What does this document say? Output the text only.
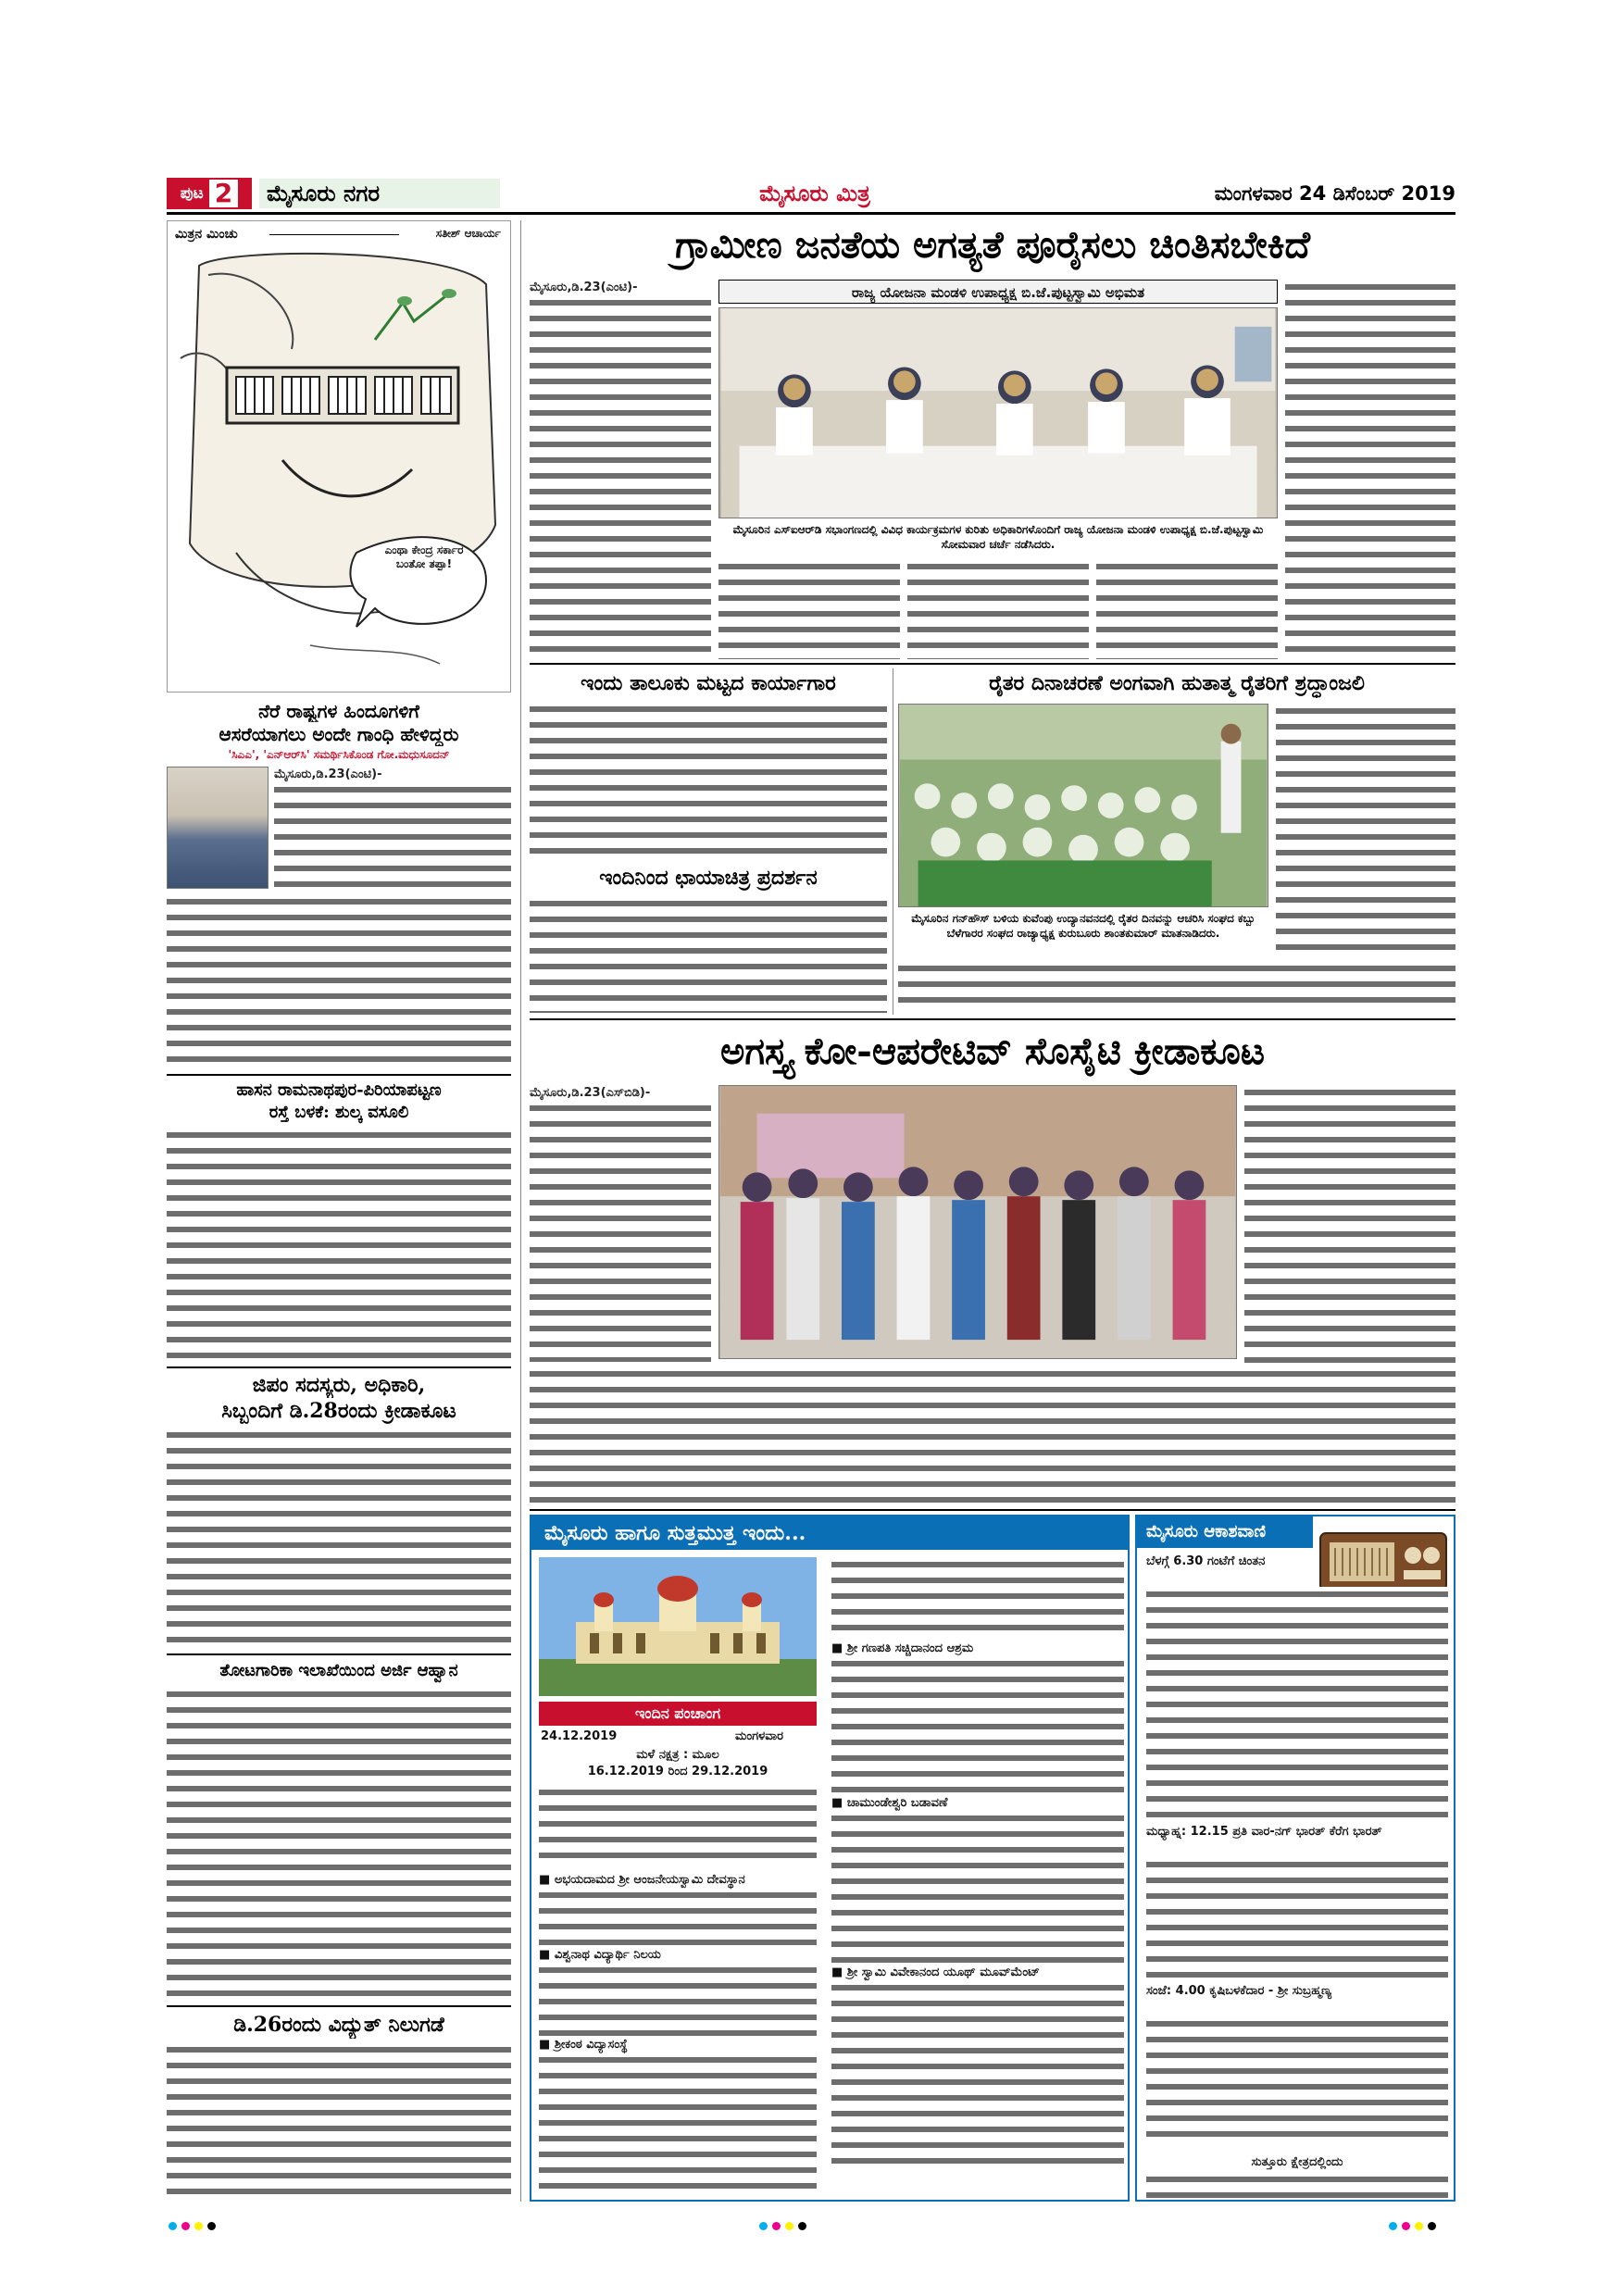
ಪುಟ 2	ಮೈಸೂರು ನಗರ	ಮೈಸೂರು ಮಿತ್ರ	ಮಂಗಳವಾರ 24 ಡಿಸೆಂಬರ್ 2019
ಮಿತ್ರನ ಮಿಂಚು	ಸತೀಶ್ ಆಚಾರ್ಯ
ಎಂಥಾ ಕೇಂದ್ರ ಸರ್ಕಾರ ಬಂತೋ ತಪ್ಪಾ!
ನೆರೆ ರಾಷ್ಟ್ರಗಳ ಹಿಂದೂಗಳಿಗೆ
ಆಸರೆಯಾಗಲು ಅಂದೇ ಗಾಂಧಿ ಹೇಳಿದ್ದರು
'ಸಿಎಎ', 'ಎನ್‌ಆರ್‌ಸಿ' ಸಮರ್ಥಿಸಿಕೊಂಡ ಗೋ.ಮಧುಸೂದನ್
ಮೈಸೂರು,ಡಿ.23(ಎಂಟಿ)-
ಹಾಸನ ರಾಮನಾಥಪುರ-ಪಿರಿಯಾಪಟ್ಟಣ
ರಸ್ತೆ ಬಳಕೆ: ಶುಲ್ಕ ವಸೂಲಿ
ಜಿಪಂ ಸದಸ್ಯರು, ಅಧಿಕಾರಿ,
ಸಿಬ್ಬಂದಿಗೆ ಡಿ.28ರಂದು ಕ್ರೀಡಾಕೂಟ
ತೋಟಗಾರಿಕಾ ಇಲಾಖೆಯಿಂದ ಅರ್ಜಿ ಆಹ್ವಾನ
ಡಿ.26ರಂದು ವಿದ್ಯುತ್ ನಿಲುಗಡೆ
ಗ್ರಾಮೀಣ ಜನತೆಯ ಅಗತ್ಯತೆ ಪೂರೈಸಲು ಚಿಂತಿಸಬೇಕಿದೆ
ಮೈಸೂರು,ಡಿ.23(ಎಂಟಿ)-	ರಾಜ್ಯ ಯೋಜನಾ ಮಂಡಳಿ ಉಪಾಧ್ಯಕ್ಷ ಬಿ.ಜೆ.ಪುಟ್ಟಸ್ವಾಮಿ ಅಭಿಮತ
ಮೈಸೂರಿನ ಎಸ್‌ಐಆರ್‌ಡಿ ಸಭಾಂಗಣದಲ್ಲಿ ವಿವಿಧ ಕಾರ್ಯಕ್ರಮಗಳ ಕುರಿತು ಅಧಿಕಾರಿಗಳೊಂದಿಗೆ ರಾಜ್ಯ ಯೋಜನಾ ಮಂಡಳಿ ಉಪಾಧ್ಯಕ್ಷ ಬಿ.ಜೆ.ಪುಟ್ಟಸ್ವಾಮಿ ಸೋಮವಾರ ಚರ್ಚೆ ನಡೆಸಿದರು.
ಇಂದು ತಾಲೂಕು ಮಟ್ಟದ ಕಾರ್ಯಾಗಾರ
ಇಂದಿನಿಂದ ಛಾಯಾಚಿತ್ರ ಪ್ರದರ್ಶನ
ರೈತರ ದಿನಾಚರಣೆ ಅಂಗವಾಗಿ ಹುತಾತ್ಮ ರೈತರಿಗೆ ಶ್ರದ್ಧಾಂಜಲಿ
ಮೈಸೂರಿನ ಗನ್‌ಹೌಸ್ ಬಳಿಯ ಕುವೆಂಪು ಉದ್ಯಾನವನದಲ್ಲಿ ರೈತರ ದಿನವನ್ನು ಆಚರಿಸಿ ಸಂಘದ ಕಬ್ಬು ಬೆಳೆಗಾರರ ಸಂಘದ ರಾಜ್ಯಾಧ್ಯಕ್ಷ ಕುರುಬೂರು ಶಾಂತಕುಮಾರ್ ಮಾತನಾಡಿದರು.
ಅಗಸ್ತ್ಯ ಕೋ-ಆಪರೇಟಿವ್ ಸೊಸೈಟಿ ಕ್ರೀಡಾಕೂಟ
ಮೈಸೂರು,ಡಿ.23(ಎಸ್‌ಬಿಡಿ)-
ಮೈಸೂರು ಹಾಗೂ ಸುತ್ತಮುತ್ತ ಇಂದು...
ಇಂದಿನ ಪಂಚಾಂಗ
24.12.2019	ಮಂಗಳವಾರ
ಮಳೆ ನಕ್ಷತ್ರ : ಮೂಲ
16.12.2019 ರಿಂದ 29.12.2019
■ ಅಭಯದಾಮದ ಶ್ರೀ ಆಂಜನೇಯಸ್ವಾಮಿ ದೇವಸ್ಥಾನ
■ ವಿಶ್ವನಾಥ ವಿದ್ಯಾರ್ಥಿ ನಿಲಯ
■ ಶ್ರೀಕಂಠ ವಿದ್ಯಾಸಂಸ್ಥೆ
■ ಶ್ರೀ ಗಣಪತಿ ಸಚ್ಚಿದಾನಂದ ಆಶ್ರಮ
■ ಚಾಮುಂಡೇಶ್ವರಿ ಬಡಾವಣೆ
■ ಶ್ರೀ ಸ್ವಾಮಿ ವಿವೇಕಾನಂದ ಯೂಥ್ ಮೂವ್‌ಮೆಂಟ್
ಮೈಸೂರು ಆಕಾಶವಾಣಿ
ಬೆಳಗ್ಗೆ 6.30 ಗಂಟೆಗೆ ಚಿಂತನ
ಮಧ್ಯಾಹ್ನ: 12.15 ಪ್ರತಿ ವಾರ-ನಗ್ ಭಾರತ್ ಕೆರೆಗ ಭಾರತ್
ಸಂಜೆ: 4.00 ಕೃಷಿಬಳಕೆದಾರ - ಶ್ರೀ ಸುಬ್ರಹ್ಮಣ್ಯ
ಸುತ್ತೂರು ಕ್ಷೇತ್ರದಲ್ಲಿಂದು
